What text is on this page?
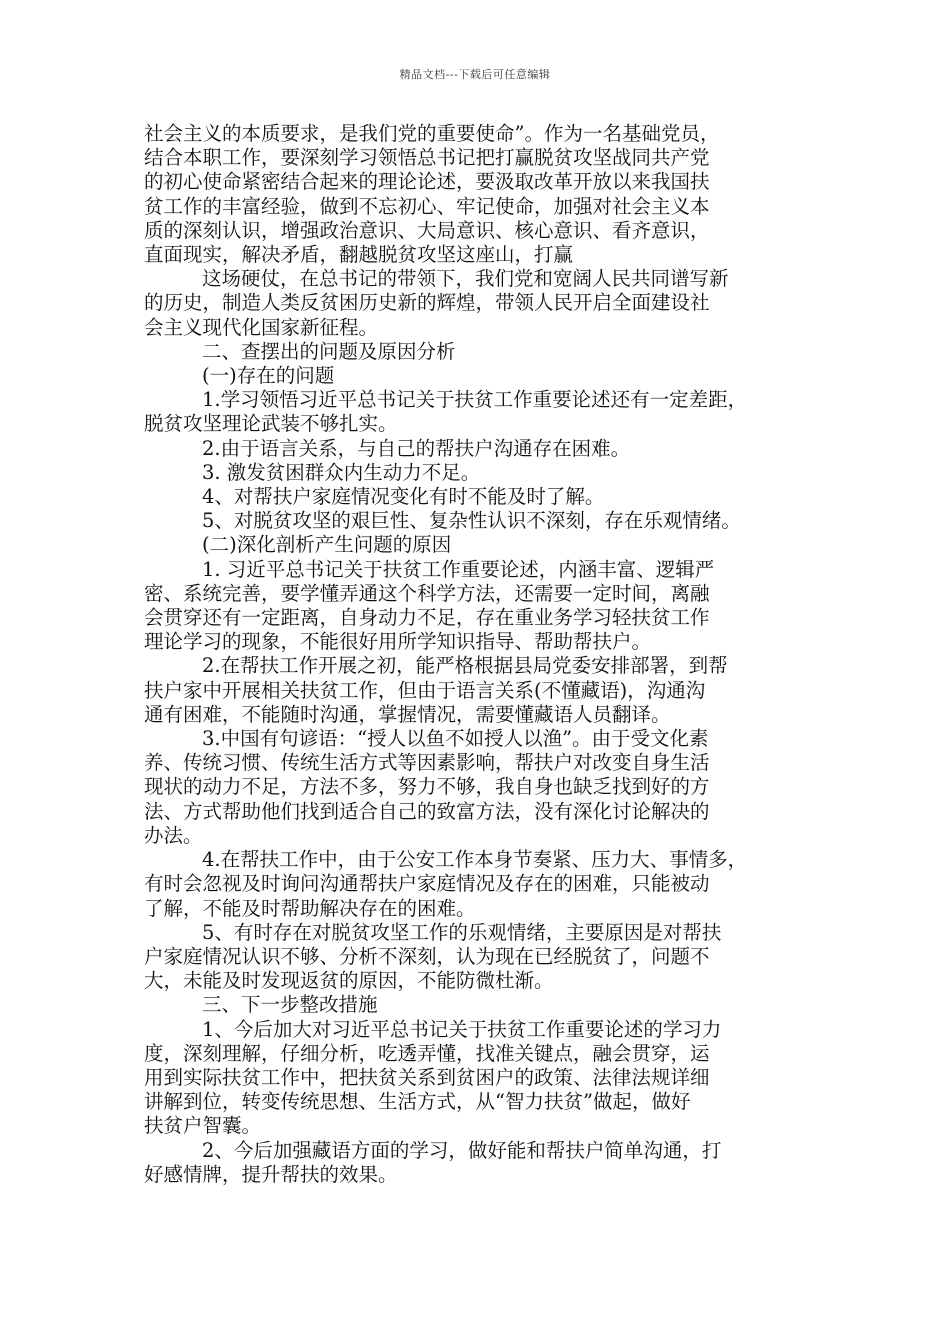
精品文档---下载后可任意编辑
社会主义的本质要求，是我们党的重要使命”。作为一名基础党员，
结合本职工作，要深刻学习领悟总书记把打赢脱贫攻坚战同共产党
的初心使命紧密结合起来的理论论述，要汲取改革开放以来我国扶
贫工作的丰富经验，做到不忘初心、牢记使命，加强对社会主义本
质的深刻认识，增强政治意识、大局意识、核心意识、看齐意识，
直面现实，解决矛盾，翻越脱贫攻坚这座山，打赢
这场硬仗，在总书记的带领下，我们党和宽阔人民共同谱写新
的历史，制造人类反贫困历史新的辉煌，带领人民开启全面建设社
会主义现代化国家新征程。
二、查摆出的问题及原因分析
(一)存在的问题
1.学习领悟习近平总书记关于扶贫工作重要论述还有一定差距，
脱贫攻坚理论武装不够扎实。
2.由于语言关系，与自己的帮扶户沟通存在困难。
3. 激发贫困群众内生动力不足。
4、对帮扶户家庭情况变化有时不能及时了解。
5、对脱贫攻坚的艰巨性、复杂性认识不深刻，存在乐观情绪。
(二)深化剖析产生问题的原因
1. 习近平总书记关于扶贫工作重要论述，内涵丰富、逻辑严
密、系统完善，要学懂弄通这个科学方法，还需要一定时间，离融
会贯穿还有一定距离，自身动力不足，存在重业务学习轻扶贫工作
理论学习的现象，不能很好用所学知识指导、帮助帮扶户。
2.在帮扶工作开展之初，能严格根据县局党委安排部署，到帮
扶户家中开展相关扶贫工作，但由于语言关系(不懂藏语)，沟通沟
通有困难，不能随时沟通，掌握情况，需要懂藏语人员翻译。
3.中国有句谚语：“授人以鱼不如授人以渔”。由于受文化素
养、传统习惯、传统生活方式等因素影响，帮扶户对改变自身生活
现状的动力不足，方法不多，努力不够，我自身也缺乏找到好的方
法、方式帮助他们找到适合自己的致富方法，没有深化讨论解决的
办法。
4.在帮扶工作中，由于公安工作本身节奏紧、压力大、事情多，
有时会忽视及时询问沟通帮扶户家庭情况及存在的困难，只能被动
了解，不能及时帮助解决存在的困难。
5、有时存在对脱贫攻坚工作的乐观情绪，主要原因是对帮扶
户家庭情况认识不够、分析不深刻，认为现在已经脱贫了，问题不
大，未能及时发现返贫的原因，不能防微杜渐。
三、下一步整改措施
1、今后加大对习近平总书记关于扶贫工作重要论述的学习力
度，深刻理解，仔细分析，吃透弄懂，找准关键点，融会贯穿，运
用到实际扶贫工作中，把扶贫关系到贫困户的政策、法律法规详细
讲解到位，转变传统思想、生活方式，从“智力扶贫”做起，做好
扶贫户智囊。
2、今后加强藏语方面的学习，做好能和帮扶户简单沟通，打
好感情牌，提升帮扶的效果。
